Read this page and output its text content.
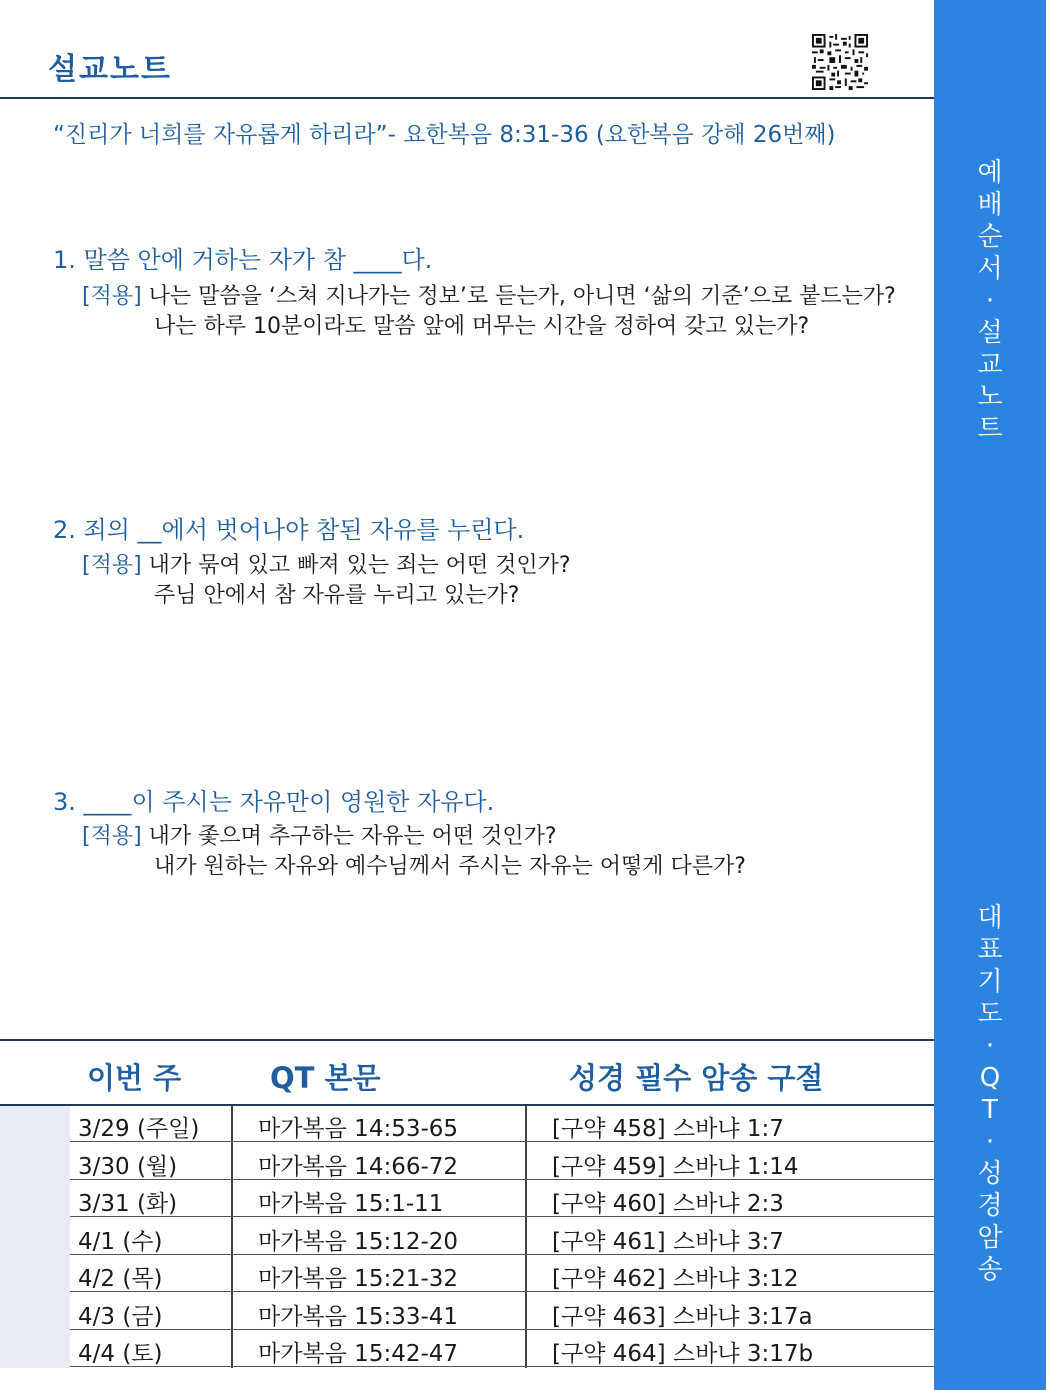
설교노트
“진리가 너희를 자유롭게 하리라”- 요한복음 8:31-36 (요한복음 강해 26번째)
1. 말씀 안에 거하는 자가 참 ____다.
[적용] 나는 말씀을 ‘스쳐 지나가는 정보’로 듣는가, 아니면 ‘삶의 기준’으로 붙드는가?
나는 하루 10분이라도 말씀 앞에 머무는 시간을 정하여 갖고 있는가?
2. 죄의 __에서 벗어나야 참된 자유를 누린다.
[적용] 내가 묶여 있고 빠져 있는 죄는 어떤 것인가?
주님 안에서 참 자유를 누리고 있는가?
3. ____이 주시는 자유만이 영원한 자유다.
[적용] 내가 좇으며 추구하는 자유는 어떤 것인가?
내가 원하는 자유와 예수님께서 주시는 자유는 어떻게 다른가?
예
배
순
서
·
설
교
노
트
대
표
기
도
·
Q
T
·
성
경
암
송
이번 주	QT 본문	성경 필수 암송 구절
3/29 (주일)	마가복음 14:53-65	[구약 458] 스바냐 1:7
3/30 (월)	마가복음 14:66-72	[구약 459] 스바냐 1:14
3/31 (화)	마가복음 15:1-11	[구약 460] 스바냐 2:3
4/1 (수)	마가복음 15:12-20	[구약 461] 스바냐 3:7
4/2 (목)	마가복음 15:21-32	[구약 462] 스바냐 3:12
4/3 (금)	마가복음 15:33-41	[구약 463] 스바냐 3:17a
4/4 (토)	마가복음 15:42-47	[구약 464] 스바냐 3:17b
